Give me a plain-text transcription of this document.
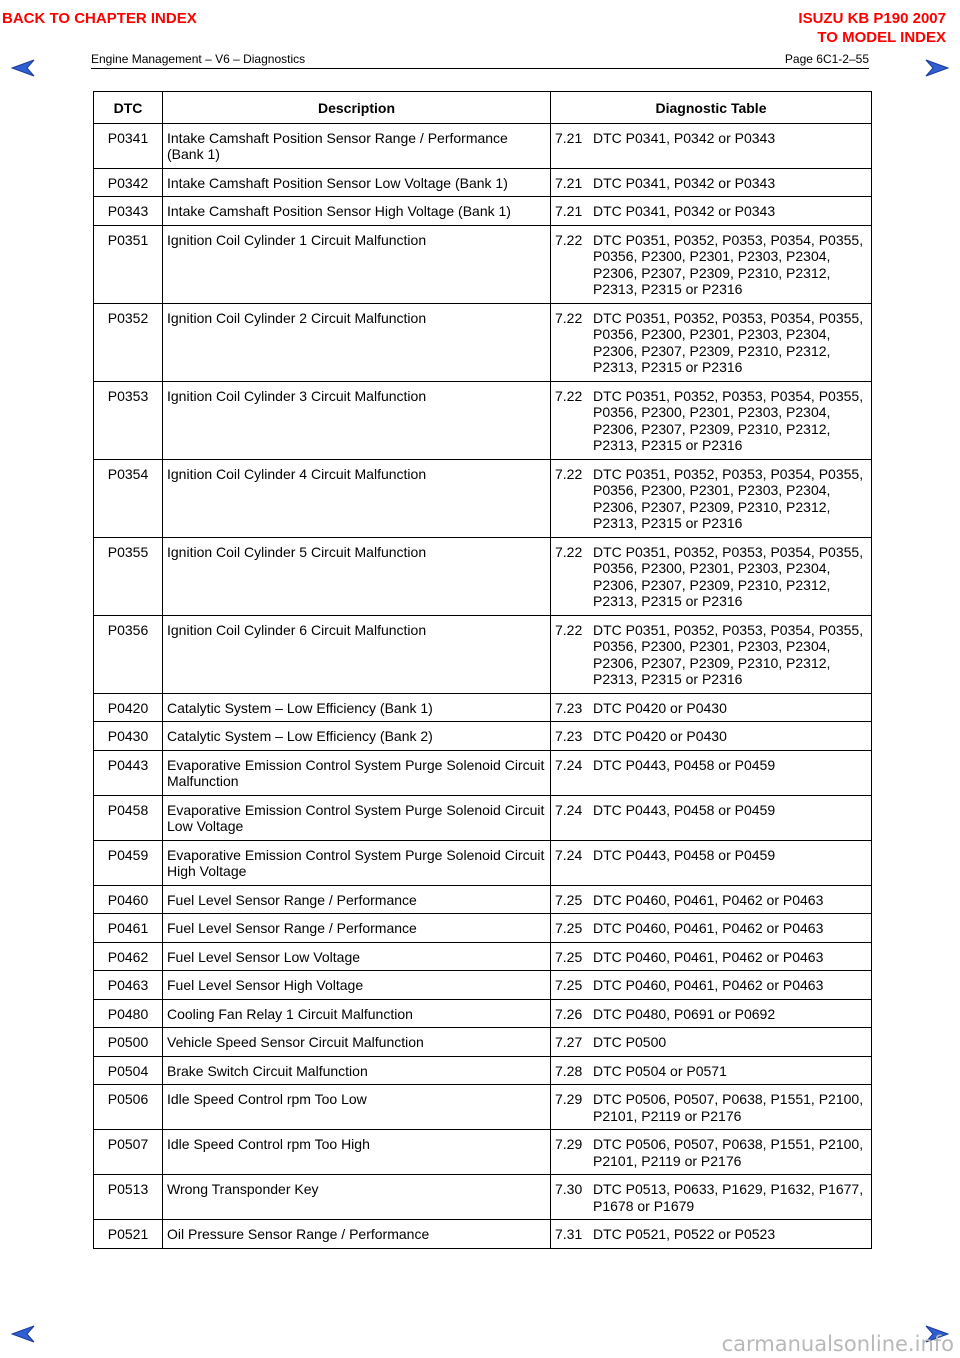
BACK TO CHAPTER INDEX	ISUZU KB P190 2007
TO MODEL INDEX
Engine Management – V6 – Diagnostics	Page 6C1-2–55
DTC	Description	Diagnostic Table
P0341	Intake Camshaft Position Sensor Range / Performance (Bank 1)	7.21 DTC P0341, P0342 or P0343

P0342	Intake Camshaft Position Sensor Low Voltage (Bank 1)	7.21 DTC P0341, P0342 or P0343

P0343	Intake Camshaft Position Sensor High Voltage (Bank 1)	7.21 DTC P0341, P0342 or P0343

P0351	Ignition Coil Cylinder 1 Circuit Malfunction	7.22 DTC P0351, P0352, P0353, P0354, P0355, P0356, P2300, P2301, P2303, P2304, P2306, P2307, P2309, P2310, P2312, P2313, P2315 or P2316

P0352	Ignition Coil Cylinder 2 Circuit Malfunction	7.22 DTC P0351, P0352, P0353, P0354, P0355, P0356, P2300, P2301, P2303, P2304, P2306, P2307, P2309, P2310, P2312, P2313, P2315 or P2316

P0353	Ignition Coil Cylinder 3 Circuit Malfunction	7.22 DTC P0351, P0352, P0353, P0354, P0355, P0356, P2300, P2301, P2303, P2304, P2306, P2307, P2309, P2310, P2312, P2313, P2315 or P2316

P0354	Ignition Coil Cylinder 4 Circuit Malfunction	7.22 DTC P0351, P0352, P0353, P0354, P0355, P0356, P2300, P2301, P2303, P2304, P2306, P2307, P2309, P2310, P2312, P2313, P2315 or P2316

P0355	Ignition Coil Cylinder 5 Circuit Malfunction	7.22 DTC P0351, P0352, P0353, P0354, P0355, P0356, P2300, P2301, P2303, P2304, P2306, P2307, P2309, P2310, P2312, P2313, P2315 or P2316

P0356	Ignition Coil Cylinder 6 Circuit Malfunction	7.22 DTC P0351, P0352, P0353, P0354, P0355, P0356, P2300, P2301, P2303, P2304, P2306, P2307, P2309, P2310, P2312, P2313, P2315 or P2316

P0420	Catalytic System – Low Efficiency (Bank 1)	7.23 DTC P0420 or P0430

P0430	Catalytic System – Low Efficiency (Bank 2)	7.23 DTC P0420 or P0430

P0443	Evaporative Emission Control System Purge Solenoid Circuit Malfunction	7.24 DTC P0443, P0458 or P0459

P0458	Evaporative Emission Control System Purge Solenoid Circuit Low Voltage	7.24 DTC P0443, P0458 or P0459

P0459	Evaporative Emission Control System Purge Solenoid Circuit High Voltage	7.24 DTC P0443, P0458 or P0459

P0460	Fuel Level Sensor Range / Performance	7.25 DTC P0460, P0461, P0462 or P0463

P0461	Fuel Level Sensor Range / Performance	7.25 DTC P0460, P0461, P0462 or P0463

P0462	Fuel Level Sensor Low Voltage	7.25 DTC P0460, P0461, P0462 or P0463

P0463	Fuel Level Sensor High Voltage	7.25 DTC P0460, P0461, P0462 or P0463

P0480	Cooling Fan Relay 1 Circuit Malfunction	7.26 DTC P0480, P0691 or P0692

P0500	Vehicle Speed Sensor Circuit Malfunction	7.27 DTC P0500

P0504	Brake Switch Circuit Malfunction	7.28 DTC P0504 or P0571

P0506	Idle Speed Control rpm Too Low	7.29 DTC P0506, P0507, P0638, P1551, P2100, P2101, P2119 or P2176

P0507	Idle Speed Control rpm Too High	7.29 DTC P0506, P0507, P0638, P1551, P2100, P2101, P2119 or P2176

P0513	Wrong Transponder Key	7.30 DTC P0513, P0633, P1629, P1632, P1677, P1678 or P1679

P0521	Oil Pressure Sensor Range / Performance	7.31 DTC P0521, P0522 or P0523
carmanualsonline.info
